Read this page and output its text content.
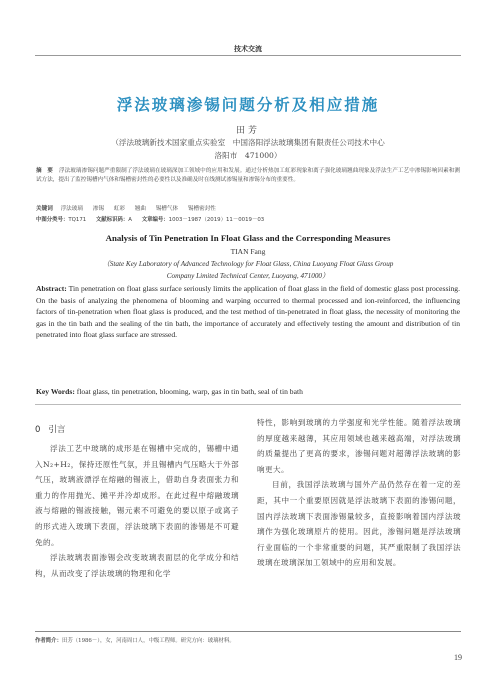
技术交流
浮法玻璃渗锡问题分析及相应措施
田芳
（浮法玻璃新技术国家重点实验室　中国洛阳浮法玻璃集团有限责任公司技术中心
洛阳市　471000）
摘　要 浮法玻璃渗锡问题严重限制了浮法玻璃在玻璃深加工领域中的应用和发展。通过分析热加工虹彩现象和离子强化玻璃翘曲现象及浮法生产工艺中渗锡影响因素和测试方法，提出了监控锡槽内气体和锡槽密封性的必要性以及准确及时在线测试渗锡量和渗锡分布的重要性。
关键词 浮法玻璃 渗锡 虹彩 翘曲 锡槽气体 锡槽密封性
中图分类号：TQ171 文献标识码：A 文章编号：1003－1987（2019）11－0019－03
Analysis of Tin Penetration In Float Glass and the Corresponding Measures
TIAN Fang
（State Key Laboratory of Advanced Technology for Float Glass, China Luoyang Float Glass Group
Company Limited Technical Center, Luoyang, 471000）
Abstract: Tin penetration on float glass surface seriously limits the application of float glass in the field of domestic glass post processing. On the basis of analyzing the phenomena of blooming and warping occurred to thermal processed and ion-reinforced, the influencing factors of tin-penetration when float glass is produced, and the test method of tin-penetrated in float glass, the necessity of monitoring the gas in the tin bath and the sealing of the tin bath, the importance of accurately and effectively testing the amount and distribution of tin penetrated into float glass surface are stressed.
Key Words: float glass, tin penetration, blooming, warp, gas in tin bath, seal of tin bath
0 引言

浮法工艺中玻璃的成形是在锡槽中完成的，锡槽中通入N₂+H₂，保持还原性气氛，并且锡槽内气压略大于外部气压，玻璃液漂浮在熔融的锡液上，借助自身表面张力和重力的作用抛光、摊平并冷却成形。在此过程中熔融玻璃液与熔融的锡液接触，锡元素不可避免的要以原子或离子的形式进入玻璃下表面，浮法玻璃下表面的渗锡是不可避免的。

浮法玻璃表面渗锡会改变玻璃表面层的化学成分和结构，从而改变了浮法玻璃的物理和化学

特性，影响到玻璃的力学强度和光学性能。随着浮法玻璃的厚度越来越薄，其应用领域也越来越高端，对浮法玻璃的质量提出了更高的要求，渗锡问题对超薄浮法玻璃的影响更大。

目前，我国浮法玻璃与国外产品仍然存在着一定的差距，其中一个重要原因就是浮法玻璃下表面的渗锡问题，国内浮法玻璃下表面渗锡量较多，直接影响着国内浮法玻璃作为强化玻璃原片的使用。因此，渗锡问题是浮法玻璃行业面临的一个非常重要的问题，其严重限制了我国浮法玻璃在玻璃深加工领域中的应用和发展。

作者简介：田芳（1986－），女，河南周口人，中级工程师。研究方向：玻璃材料。
19
